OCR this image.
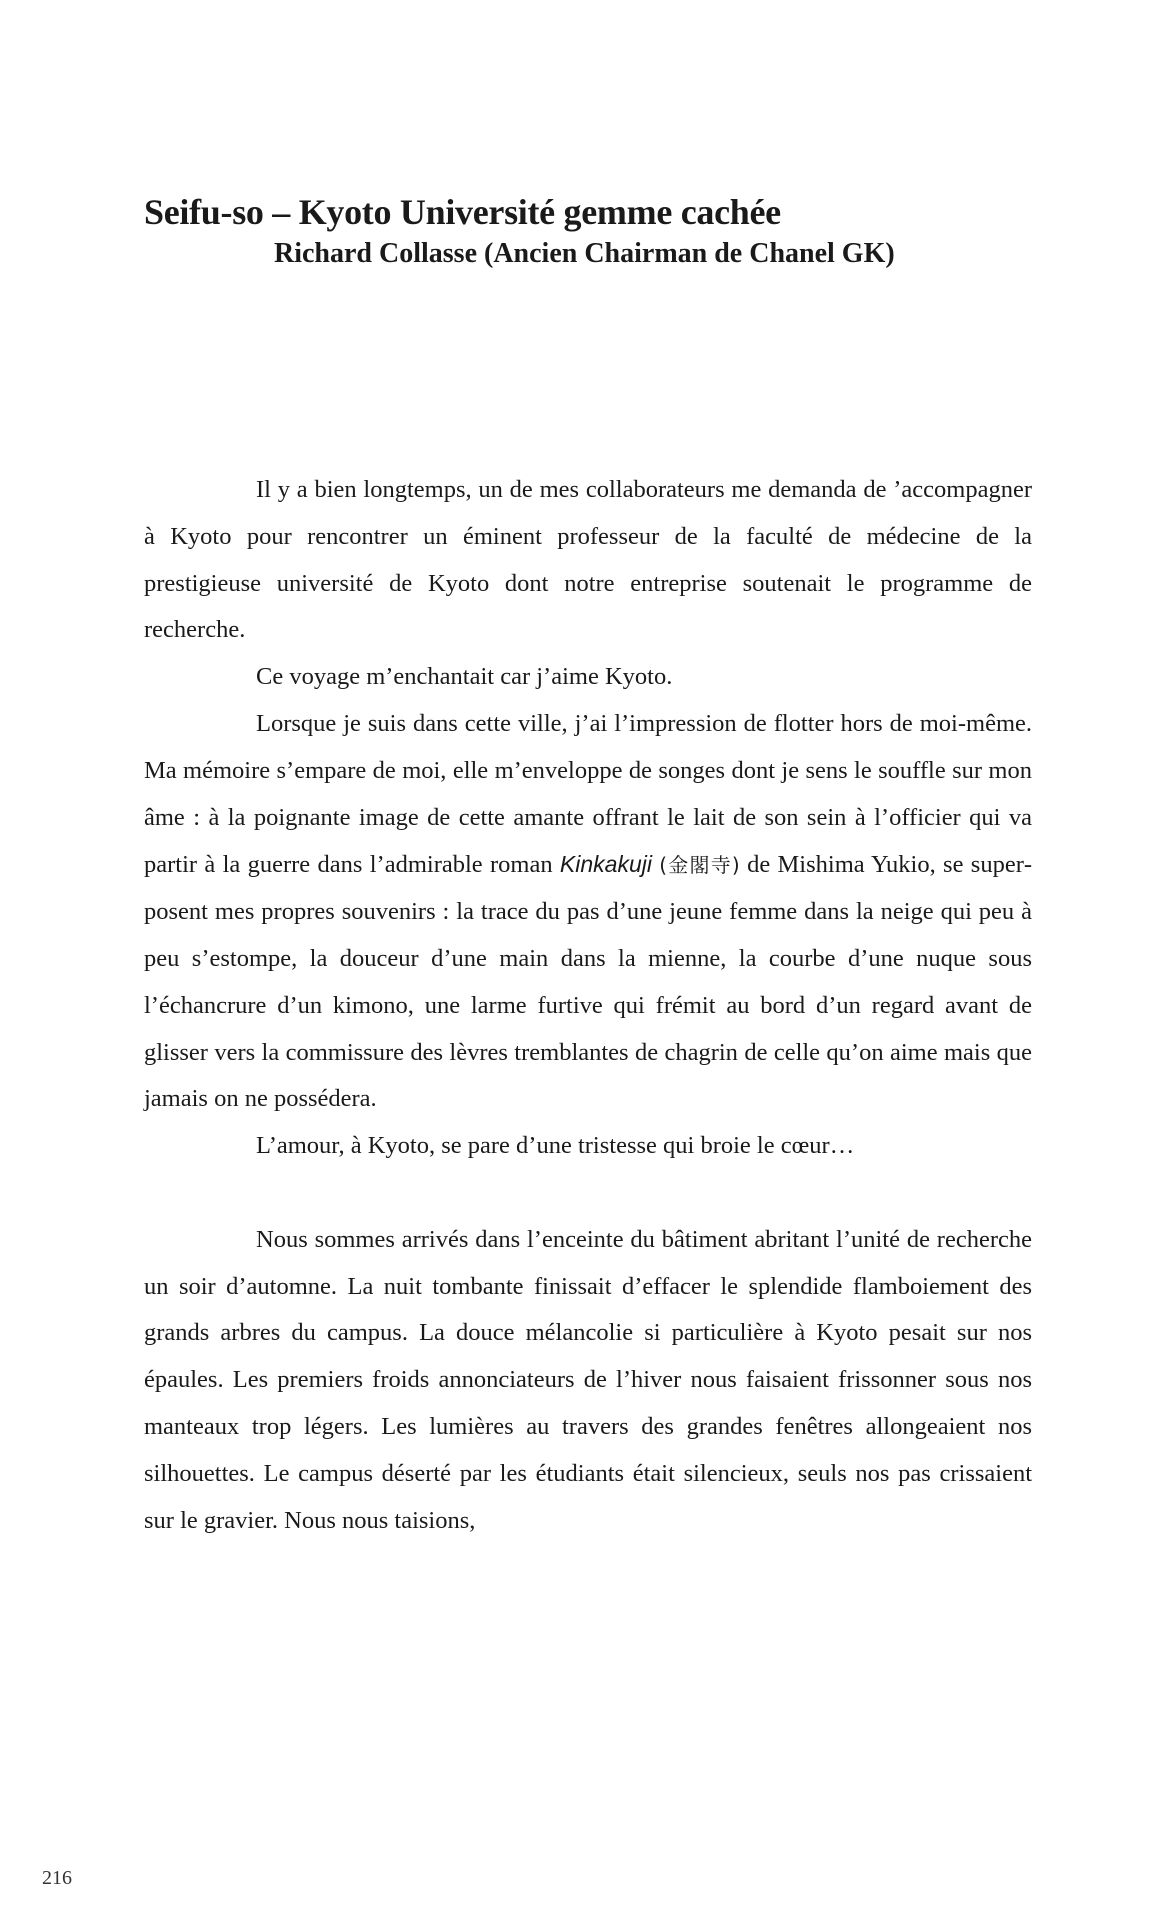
Seifu-so – Kyoto Université gemme cachée
Richard Collasse (Ancien Chairman de Chanel GK)

Il y a bien longtemps, un de mes collaborateurs me demanda de ’accompagner à Kyoto pour rencontrer un éminent professeur de la faculté de médecine de la prestigieuse université de Kyoto dont notre entreprise soutenait le programme de recherche.

Ce voyage m’enchantait car j’aime Kyoto.

Lorsque je suis dans cette ville, j’ai l’impression de flotter hors de moi-même. Ma mémoire s’empare de moi, elle m’enveloppe de songes dont je sens le souffle sur mon âme : à la poignante image de cette amante offrant le lait de son sein à l’officier qui va partir à la guerre dans l’admirable roman Kinkakuji (金閣寺) de Mishima Yukio, se superposent mes propres souvenirs : la trace du pas d’une jeune femme dans la neige qui peu à peu s’estompe, la douceur d’une main dans la mienne, la courbe d’une nuque sous l’échancrure d’un kimono, une larme furtive qui frémit au bord d’un regard avant de glisser vers la commissure des lèvres tremblantes de chagrin de celle qu’on aime mais que jamais on ne possédera.

L’amour, à Kyoto, se pare d’une tristesse qui broie le cœur…

Nous sommes arrivés dans l’enceinte du bâtiment abritant l’unité de recherche un soir d’automne. La nuit tombante finissait d’effacer le splendide flamboiement des grands arbres du campus. La douce mélancolie si particulière à Kyoto pesait sur nos épaules. Les premiers froids annonciateurs de l’hiver nous faisaient frissonner sous nos manteaux trop légers. Les lumières au travers des grandes fenêtres allongeaient nos silhouettes. Le campus déserté par les étudiants était silencieux, seuls nos pas crissaient sur le gravier. Nous nous taisions,

216
